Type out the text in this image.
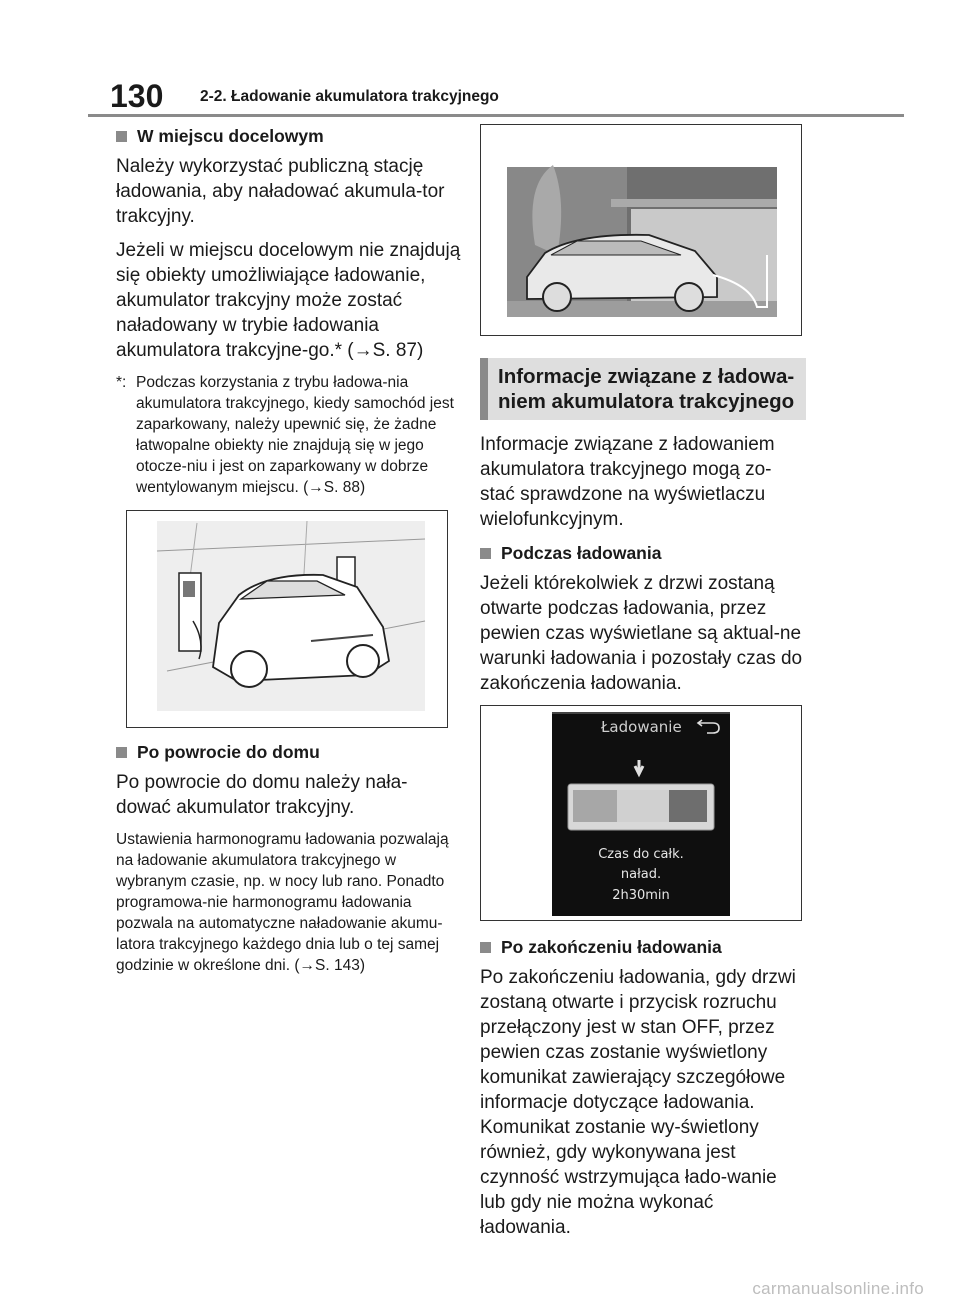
130 2-2. Ładowanie akumulatora trakcyjnego
W miejscu docelowym

Należy wykorzystać publiczną stację ładowania, aby naładować akumula-tor trakcyjny.

Jeżeli w miejscu docelowym nie znajdują się obiekty umożliwiające ładowanie, akumulator trakcyjny może zostać naładowany w trybie ładowania akumulatora trakcyjne-go.* (→S. 87)

*: Podczas korzystania z trybu ładowa-nia akumulatora trakcyjnego, kiedy samochód jest zaparkowany, należy upewnić się, że żadne łatwopalne obiekty nie znajdują się w jego otocze-niu i jest on zaparkowany w dobrze wentylowanym miejscu. (→S. 88)
Po powrocie do domu

Po powrocie do domu należy nała-dować akumulator trakcyjny.

Ustawienia harmonogramu ładowania pozwalają na ładowanie akumulatora trakcyjnego w wybranym czasie, np. w nocy lub rano. Ponadto programowa-nie harmonogramu ładowania pozwala na automatyczne naładowanie akumu-latora trakcyjnego każdego dnia lub o tej samej godzinie w określone dni. (→S. 143)

Informacje związane z ładowa-
niem akumulatora trakcyjnego

Informacje związane z ładowaniem akumulatora trakcyjnego mogą zo-stać sprawdzone na wyświetlaczu wielofunkcyjnym.

Podczas ładowania

Jeżeli którekolwiek z drzwi zostaną otwarte podczas ładowania, przez pewien czas wyświetlane są aktual-ne warunki ładowania i pozostały czas do zakończenia ładowania.

Ładowanie
Czas do całk.
naład.
2h30min
Po zakończeniu ładowania

Po zakończeniu ładowania, gdy drzwi zostaną otwarte i przycisk rozruchu przełączony jest w stan OFF, przez pewien czas zostanie wyświetlony komunikat zawierający szczegółowe informacje dotyczące ładowania. Komunikat zostanie wy-świetlony również, gdy wykonywana jest czynność wstrzymująca łado-wanie lub gdy nie można wykonać ładowania.

carmanualsonline.info
